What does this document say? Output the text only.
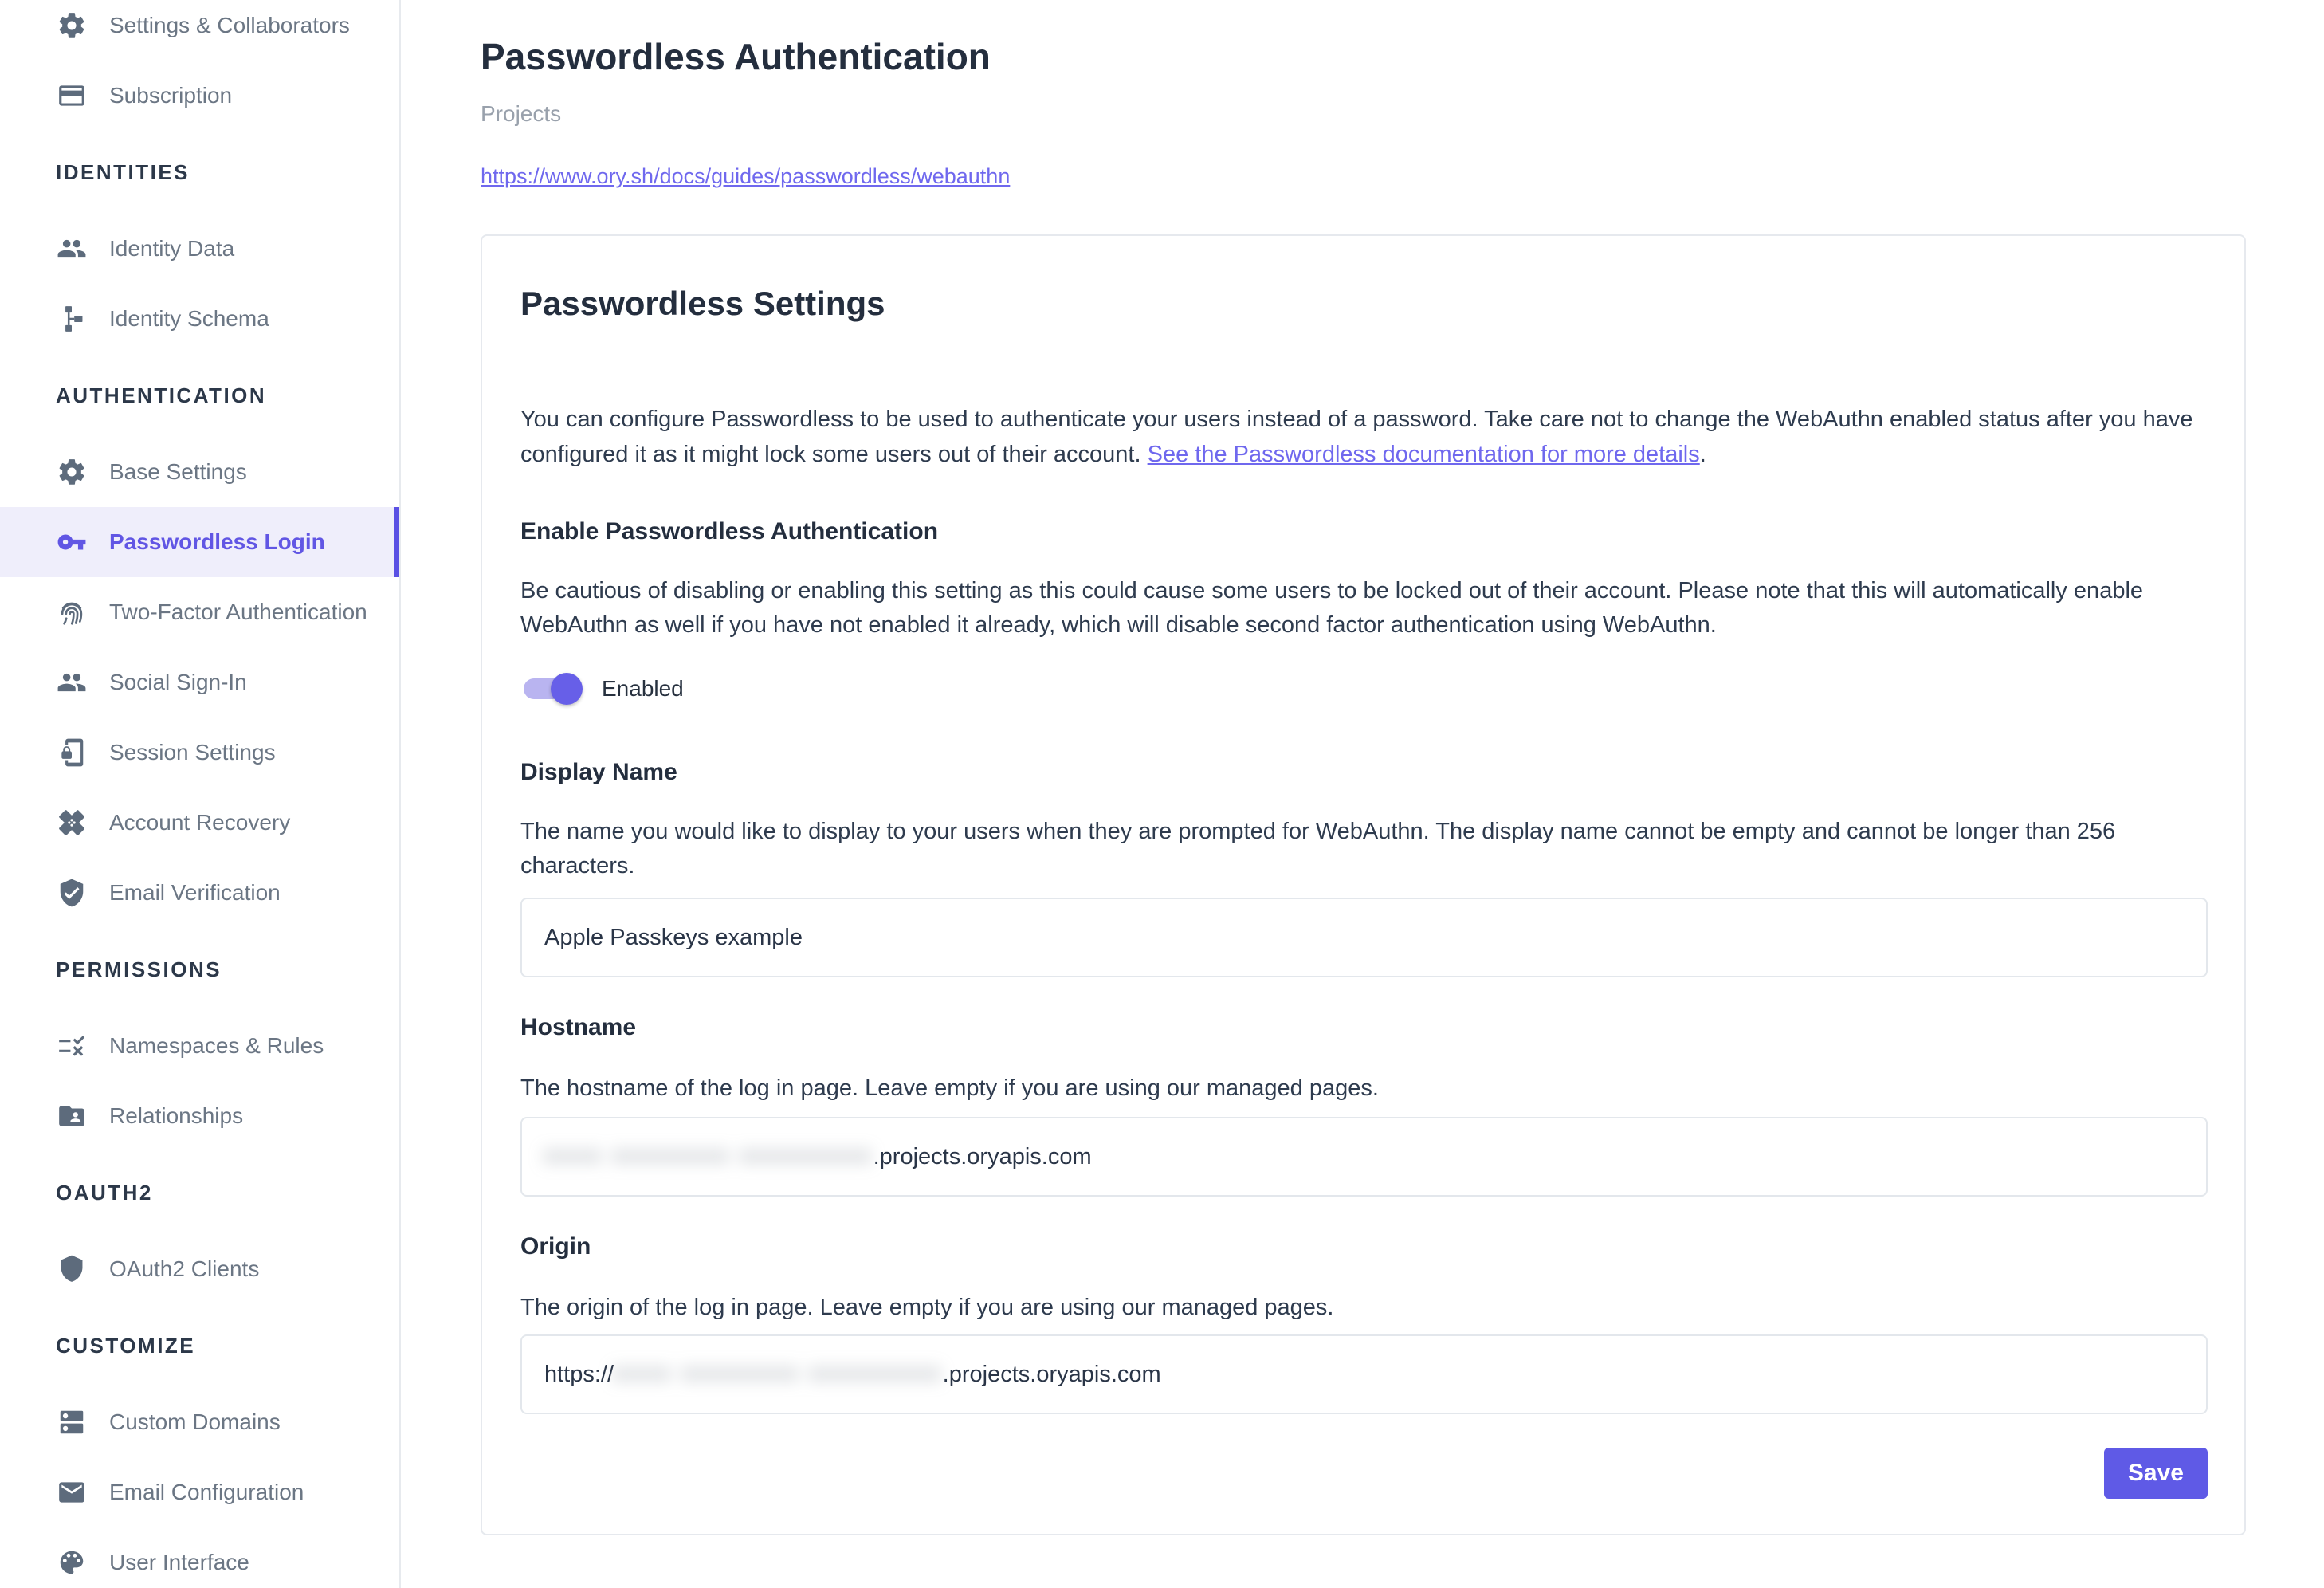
Settings & Collaborators
Subscription
IDENTITIES
Identity Data
Identity Schema
AUTHENTICATION
Base Settings
Passwordless Login
Two-Factor Authentication
Social Sign-In
Session Settings
Account Recovery
Email Verification
PERMISSIONS
Namespaces & Rules
Relationships
OAUTH2
OAuth2 Clients
CUSTOMIZE
Custom Domains
Email Configuration
User Interface
Passwordless Authentication
Projects
https://www.ory.sh/docs/guides/passwordless/webauthn
Passwordless Settings

You can configure Passwordless to be used to authenticate your users instead of a password. Take care not to change the WebAuthn enabled status after you have configured it as it might lock some users out of their account. See the Passwordless documentation for more details.

Enable Passwordless Authentication

Be cautious of disabling or enabling this setting as this could cause some users to be locked out of their account. Please note that this will automatically enable WebAuthn as well if you have not enabled it already, which will disable second factor authentication using WebAuthn.

Enabled
Display Name

The name you would like to display to your users when they are prompted for WebAuthn. The display name cannot be empty and cannot be longer than 256 characters.

Apple Passkeys example
Hostname

The hostname of the log in page. Leave empty if you are using our managed pages.

xxxx xxxxxxxx xxxxxxxxx .projects.oryapis.com
Origin

The origin of the log in page. Leave empty if you are using our managed pages.

https:// xxxx xxxxxxxx xxxxxxxxx .projects.oryapis.com
Save
